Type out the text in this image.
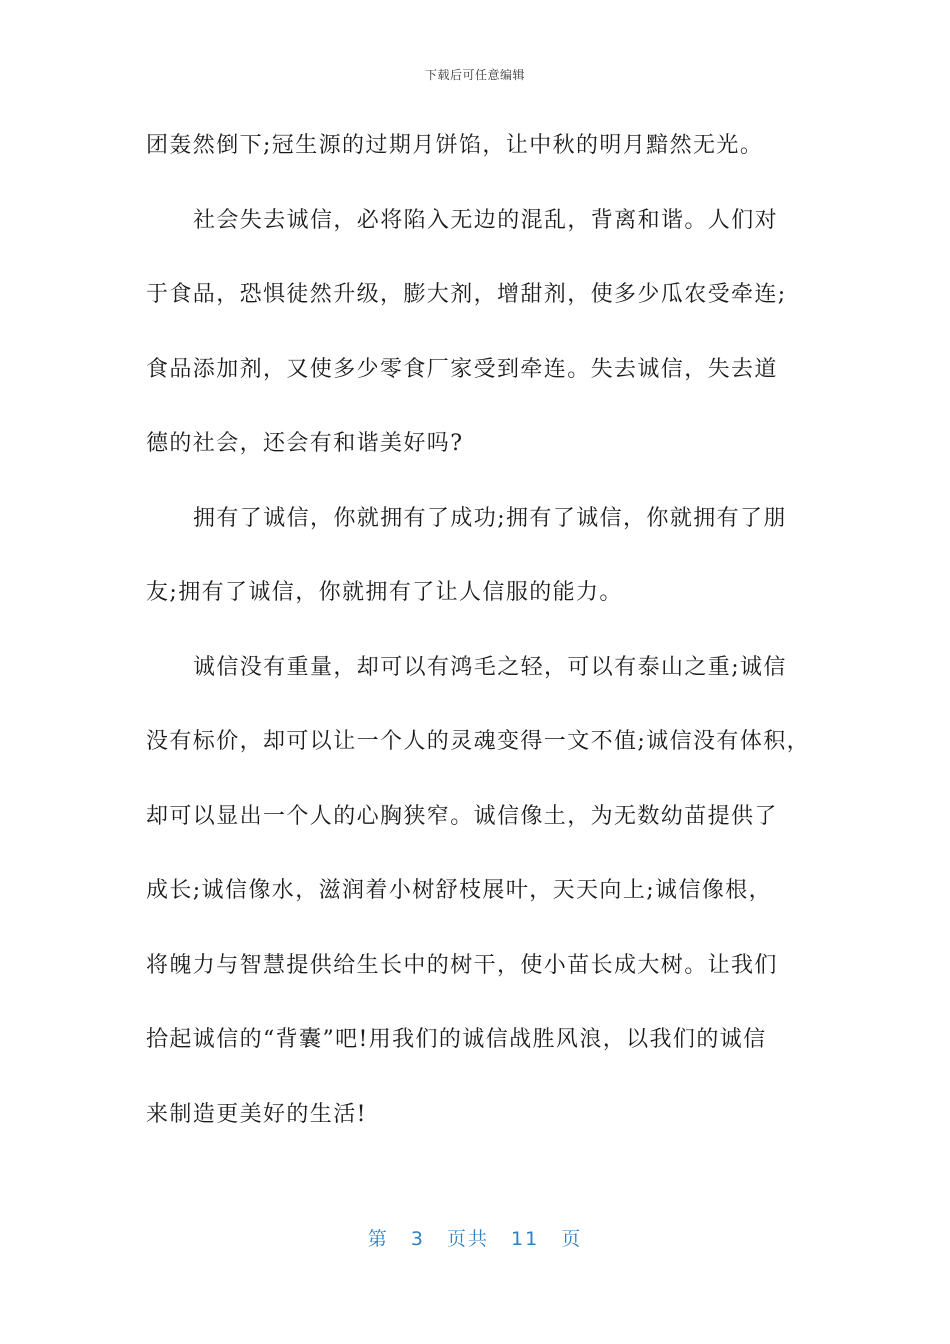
下载后可任意编辑
团轰然倒下;冠生源的过期月饼馅，让中秋的明月黯然无光。
社会失去诚信，必将陷入无边的混乱，背离和谐。人们对
于食品，恐惧徒然升级，膨大剂，增甜剂，使多少瓜农受牵连;
食品添加剂，又使多少零食厂家受到牵连。失去诚信，失去道
德的社会，还会有和谐美好吗?
拥有了诚信，你就拥有了成功;拥有了诚信，你就拥有了朋
友;拥有了诚信，你就拥有了让人信服的能力。
诚信没有重量，却可以有鸿毛之轻，可以有泰山之重;诚信
没有标价，却可以让一个人的灵魂变得一文不值;诚信没有体积，
却可以显出一个人的心胸狭窄。诚信像土，为无数幼苗提供了
成长;诚信像水，滋润着小树舒枝展叶，天天向上;诚信像根，
将魄力与智慧提供给生长中的树干，使小苗长成大树。让我们
拾起诚信的“背囊”吧!用我们的诚信战胜风浪，以我们的诚信
来制造更美好的生活!
第 3 页共 11 页
